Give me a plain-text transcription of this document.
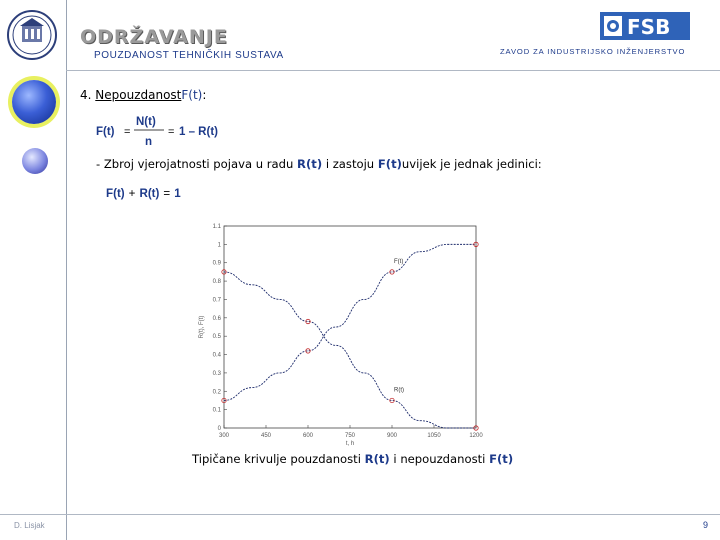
ODRŽAVANJE
POUZDANOST TEHNIČKIH SUSTAVA
FSB
ZAVOD ZA INDUSTRIJSKO INŽENJERSTVO
4. NepouzdanostF(t):
F(t) =
N(t)
n
= 1 – R(t)
- Zbroj vjerojatnosti pojava u radu R(t) i zastoju F(t)uvijek je jednak jedinici:
F(t) + R(t) = 1
300	450	600	750	900	1050	1200
0
0.1
0.2
0.3
0.4
0.5
0.6
0.7
0.8
0.9
1
1.1
t, h
R(t), F(t)
F(t)
R(t)
Tipičane krivulje pouzdanosti R(t) i nepouzdanosti F(t)
D. Lisjak	9
